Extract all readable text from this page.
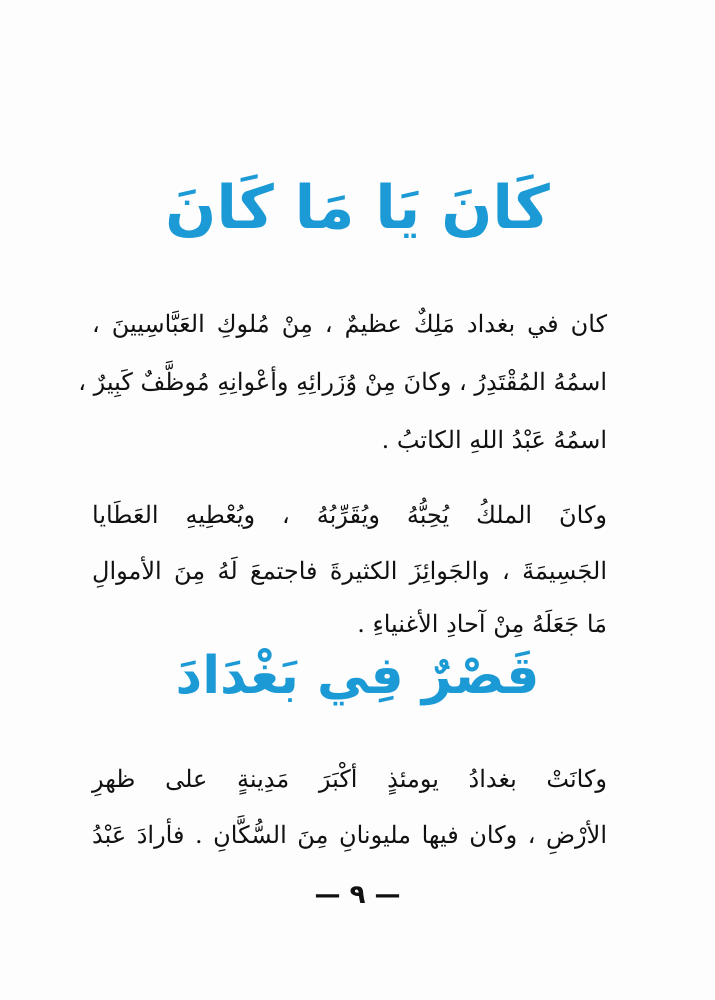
كَانَ يَا مَا كَانَ
كان في بغداد مَلِكٌ عظيمٌ ، مِنْ مُلوكِ العَبَّاسِيينَ ،
اسمُهُ المُقْتَدِرُ ، وكانَ مِنْ وُزَرائِهِ وأعْوانِهِ مُوظَّفٌ كَبِيرٌ ،
اسمُهُ عَبْدُ اللهِ الكاتبُ .
وكانَ الملكُ يُحِبُّهُ ويُقَرِّبُهُ ، ويُعْطِيهِ العَطَايا
الجَسِيمَةَ ، والجَوائِزَ الكثيرةَ فاجتمعَ لَهُ مِنَ الأموالِ
مَا جَعَلَهُ مِنْ آحادِ الأغنياءِ .
قَصْرٌ فِي بَغْدَادَ
وكانَتْ بغدادُ يومئذٍ أكْبَرَ مَدِينةٍ على ظهرِ
الأرْضِ ، وكان فيها مليونانِ مِنَ السُّكَّانِ . فأرادَ عَبْدُ
— ٩ —
